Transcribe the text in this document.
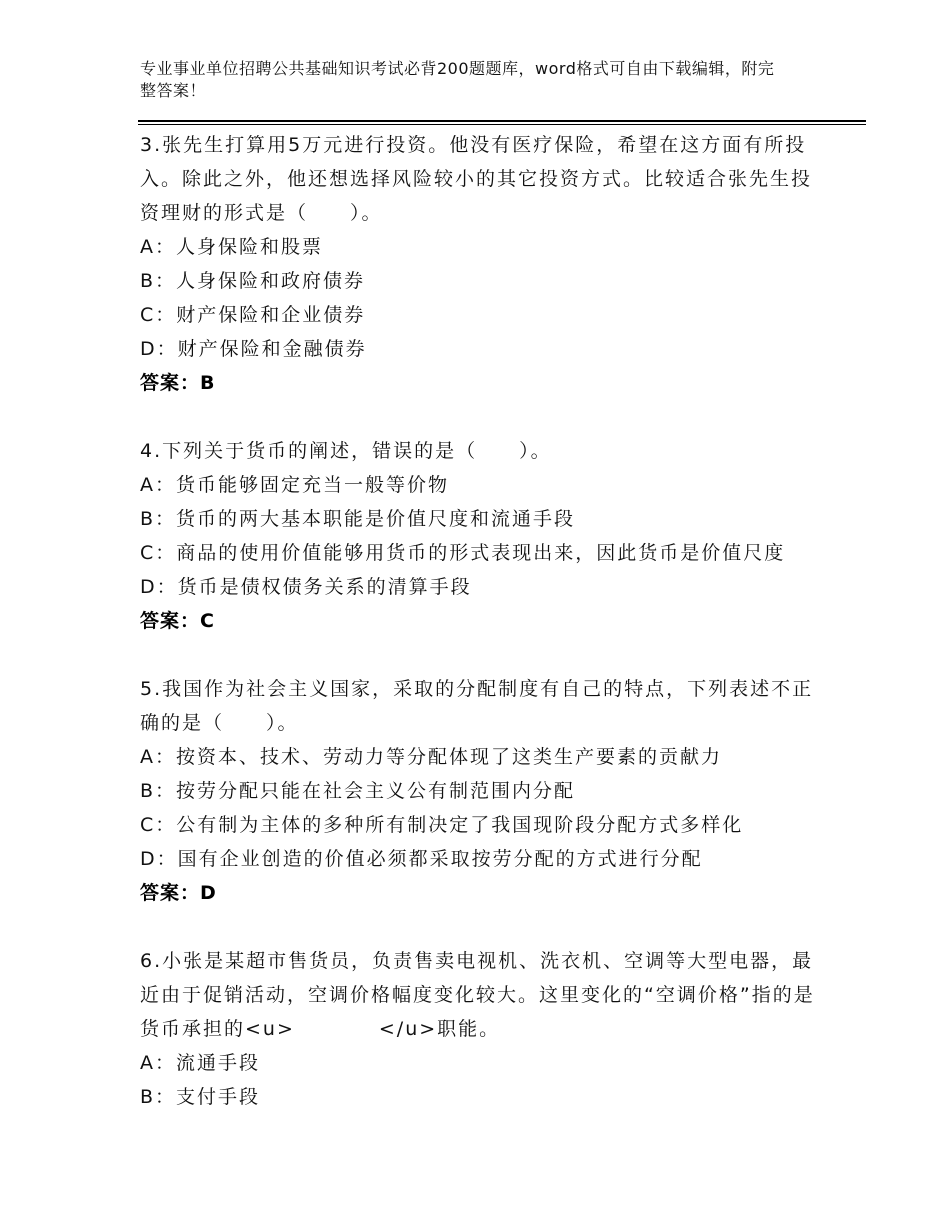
专业事业单位招聘公共基础知识考试必背200题题库，word格式可自由下载编辑，附完整答案！
3.张先生打算用5万元进行投资。他没有医疗保险，希望在这方面有所投入。除此之外，他还想选择风险较小的其它投资方式。比较适合张先生投资理财的形式是（　　）。
A：人身保险和股票
B：人身保险和政府债券
C：财产保险和企业债券
D：财产保险和金融债券
答案：B
4.下列关于货币的阐述，错误的是（　　）。
A：货币能够固定充当一般等价物
B：货币的两大基本职能是价值尺度和流通手段
C：商品的使用价值能够用货币的形式表现出来，因此货币是价值尺度
D：货币是债权债务关系的清算手段
答案：C
5.我国作为社会主义国家，采取的分配制度有自己的特点，下列表述不正确的是（　　）。
A：按资本、技术、劳动力等分配体现了这类生产要素的贡献力
B：按劳分配只能在社会主义公有制范围内分配
C：公有制为主体的多种所有制决定了我国现阶段分配方式多样化
D：国有企业创造的价值必须都采取按劳分配的方式进行分配
答案：D
6.小张是某超市售货员，负责售卖电视机、洗衣机、空调等大型电器，最近由于促销活动，空调价格幅度变化较大。这里变化的“空调价格”指的是货币承担的<u>　　　　</u>职能。
A：流通手段
B：支付手段
